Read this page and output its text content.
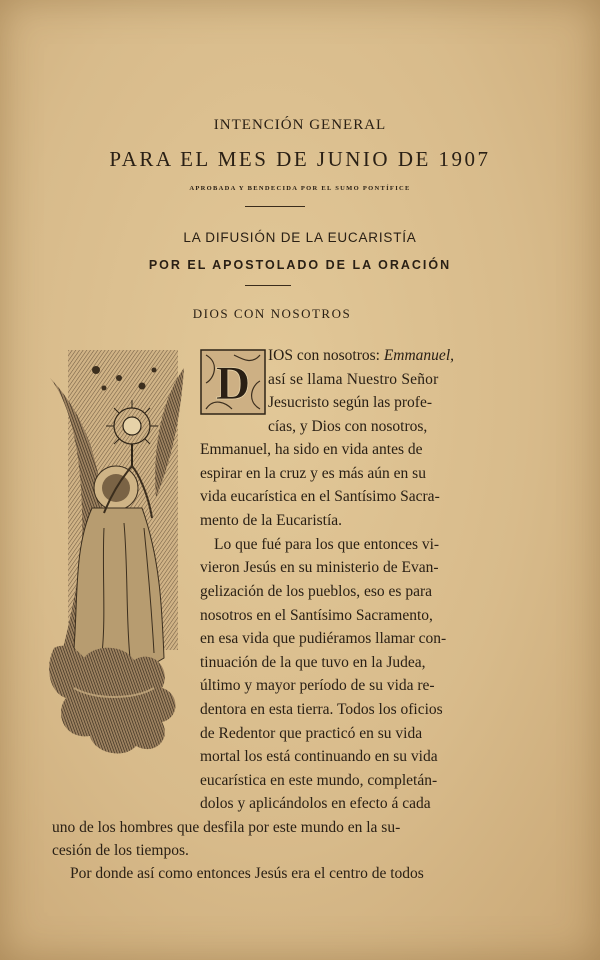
INTENCIÓN GENERAL
PARA EL MES DE JUNIO DE 1907
APROBADA Y BENDECIDA POR EL SUMO PONTÍFICE
LA DIFUSIÓN DE LA EUCARISTÍA
POR EL APOSTOLADO DE LA ORACIÓN
DIOS CON NOSOTROS
D
IOS con nosotros: Emmanuel,
así se llama Nuestro Señor
Jesucristo según las profe-
cías, y Dios con nosotros,
Emmanuel, ha sido en vida antes de
espirar en la cruz y es más aún en su
vida eucarística en el Santísimo Sacra-
mento de la Eucaristía.
Lo que fué para los que entonces vi-
vieron Jesús en su ministerio de Evan-
gelización de los pueblos, eso es para
nosotros en el Santísimo Sacramento,
en esa vida que pudiéramos llamar con-
tinuación de la que tuvo en la Judea,
último y mayor período de su vida re-
dentora en esta tierra. Todos los oficios
de Redentor que practicó en su vida
mortal los está continuando en su vida
eucarística en este mundo, completán-
dolos y aplicándolos en efecto á cada
uno de los hombres que desfila por este mundo en la su-
cesión de los tiempos.
Por donde así como entonces Jesús era el centro de todos
